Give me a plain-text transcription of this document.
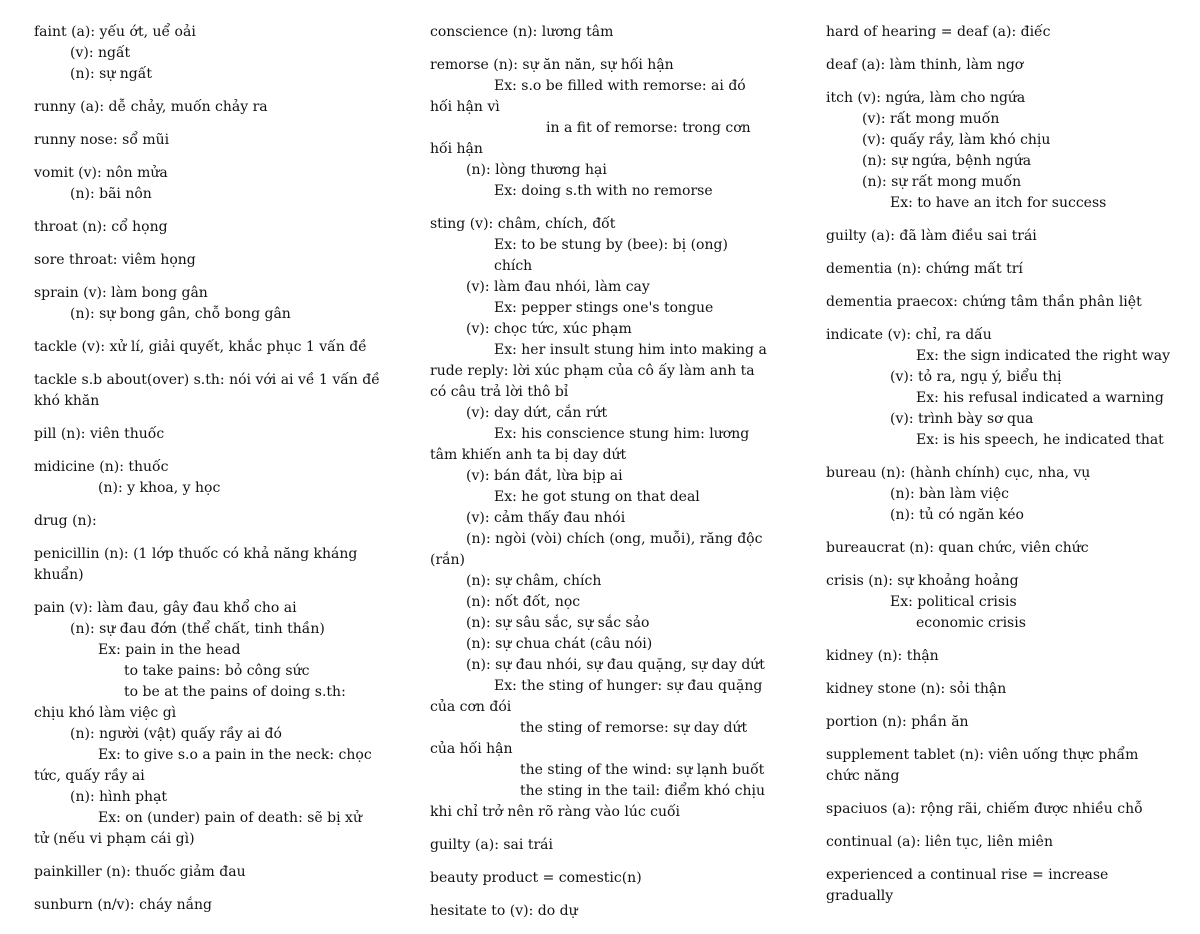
faint (a): yếu ớt, uể oải
(v): ngất
(n): sự ngất
runny (a): dễ chảy, muốn chảy ra
runny nose: sổ mũi
vomit (v): nôn mửa
(n): bãi nôn
throat (n): cổ họng
sore throat: viêm họng
sprain (v): làm bong gân
(n): sự bong gân, chỗ bong gân
tackle (v): xử lí, giải quyết, khắc phục 1 vấn đề
tackle s.b about(over) s.th: nói với ai về 1 vấn đề khó khăn
pill (n): viên thuốc
midicine (n): thuốc
(n): y khoa, y học
drug (n):
penicillin (n): (1 lớp thuốc có khả năng kháng khuẩn)
pain (v): làm đau, gây đau khổ cho ai
(n): sự đau đớn (thể chất, tinh thần)
Ex: pain in the head
to take pains: bỏ công sức
to be at the pains of doing s.th:
chịu khó làm việc gì
(n): người (vật) quấy rầy ai đó
Ex: to give s.o a pain in the neck: chọc
tức, quấy rầy ai
(n): hình phạt
Ex: on (under) pain of death: sẽ bị xử
tử (nếu vi phạm cái gì)
painkiller (n): thuốc giảm đau
sunburn (n/v): cháy nắng
conscience (n): lương tâm
remorse (n): sự ăn năn, sự hối hận
Ex: s.o be filled with remorse: ai đó
hối hận vì
in a fit of remorse: trong cơn
hối hận
(n): lòng thương hại
Ex: doing s.th with no remorse
sting (v): châm, chích, đốt
Ex: to be stung by (bee): bị (ong) chích
(v): làm đau nhói, làm cay
Ex: pepper stings one's tongue
(v): chọc tức, xúc phạm
Ex: her insult stung him into making a
rude reply: lời xúc phạm của cô ấy làm anh ta
có câu trả lời thô bỉ
(v): day dứt, cắn rứt
Ex: his conscience stung him: lương
tâm khiến anh ta bị day dứt
(v): bán đắt, lừa bịp ai
Ex: he got stung on that deal
(v): cảm thấy đau nhói
(n): ngòi (vòi) chích (ong, muỗi), răng độc
(rắn)
(n): sự châm, chích
(n): nốt đốt, nọc
(n): sự sâu sắc, sự sắc sảo
(n): sự chua chát (câu nói)
(n): sự đau nhói, sự đau quặng, sự day dứt
Ex: the sting of hunger: sự đau quặng
của cơn đói
the sting of remorse: sự day dứt
của hối hận
the sting of the wind: sự lạnh buốt
the sting in the tail: điểm khó chịu
khi chỉ trở nên rõ ràng vào lúc cuối
guilty (a): sai trái
beauty product = comestic(n)
hesitate to (v): do dự
hard of hearing = deaf (a): điếc
deaf (a): làm thinh, làm ngơ
itch (v): ngứa, làm cho ngứa
(v): rất mong muốn
(v): quấy rầy, làm khó chịu
(n): sự ngứa, bệnh ngứa
(n): sự rất mong muốn
Ex: to have an itch for success
guilty (a): đã làm điều sai trái
dementia (n): chứng mất trí
dementia praecox: chứng tâm thần phân liệt
indicate (v): chỉ, ra dấu
Ex: the sign indicated the right way
(v): tỏ ra, ngụ ý, biểu thị
Ex: his refusal indicated a warning
(v): trình bày sơ qua
Ex: is his speech, he indicated that
bureau (n): (hành chính) cục, nha, vụ
(n): bàn làm việc
(n): tủ có ngăn kéo
bureaucrat (n): quan chức, viên chức
crisis (n): sự khoảng hoảng
Ex: political crisis
economic crisis
kidney (n): thận
kidney stone (n): sỏi thận
portion (n): phần ăn
supplement tablet (n): viên uống thực phẩm chức năng
spaciuos (a): rộng rãi, chiếm được nhiều chỗ
continual (a): liên tục, liên miên
experienced a continual rise = increase gradually
